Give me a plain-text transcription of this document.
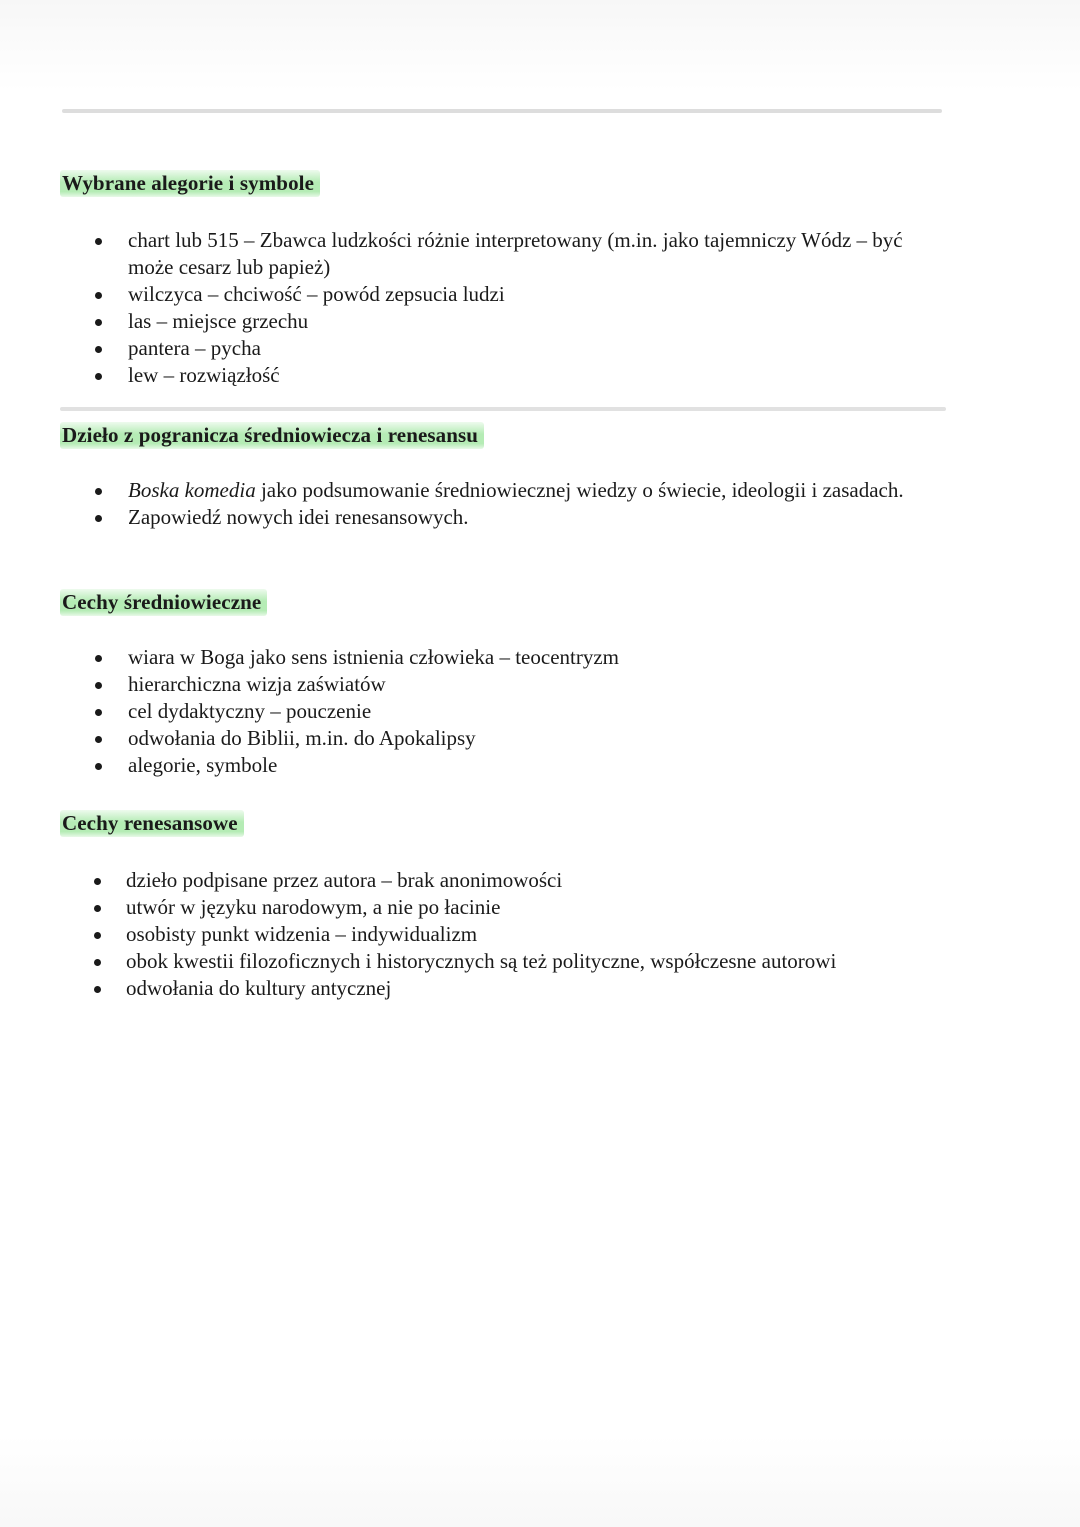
Wybrane alegorie i symbole
chart lub 515 – Zbawca ludzkości różnie interpretowany (m.in. jako tajemniczy Wódz – być może cesarz lub papież)
wilczyca – chciwość – powód zepsucia ludzi
las – miejsce grzechu
pantera – pycha
lew – rozwiązłość
Dzieło z pogranicza średniowiecza i renesansu
Boska komedia jako podsumowanie średniowiecznej wiedzy o świecie, ideologii i zasadach.
Zapowiedź nowych idei renesansowych.
Cechy średniowieczne
wiara w Boga jako sens istnienia człowieka – teocentryzm
hierarchiczna wizja zaświatów
cel dydaktyczny – pouczenie
odwołania do Biblii, m.in. do Apokalipsy
alegorie, symbole
Cechy renesansowe
dzieło podpisane przez autora – brak anonimowości
utwór w języku narodowym, a nie po łacinie
osobisty punkt widzenia – indywidualizm
obok kwestii filozoficznych i historycznych są też polityczne, współczesne autorowi
odwołania do kultury antycznej
